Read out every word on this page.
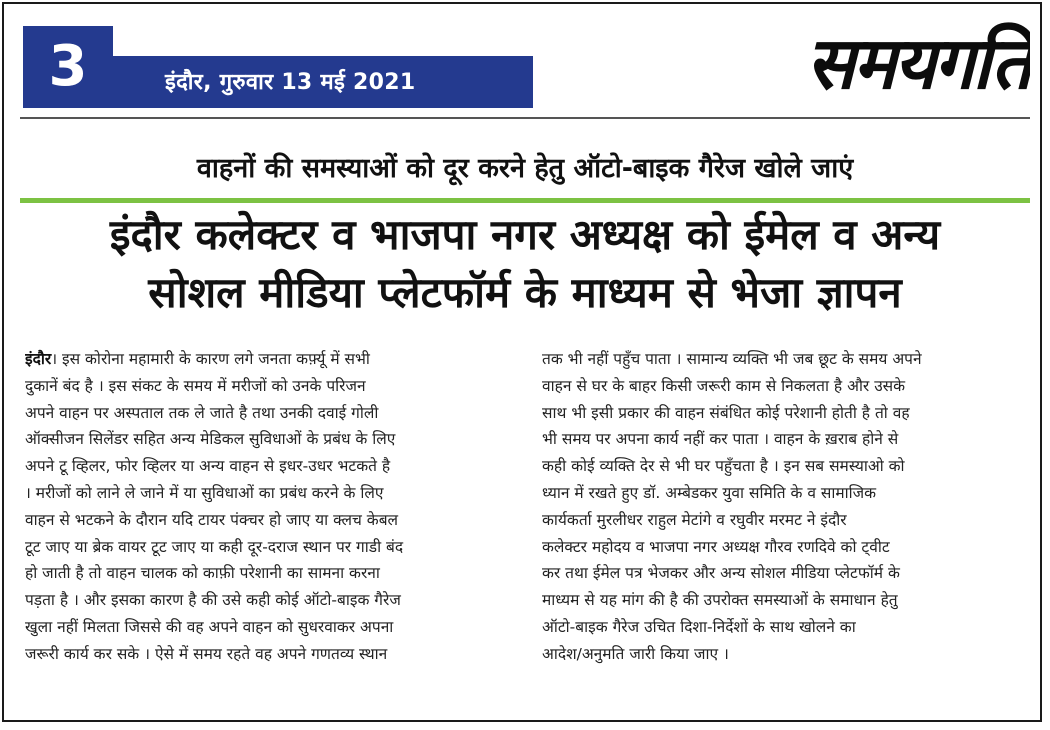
3	इंदौर, गुरुवार 13 मई 2021	समयगति
वाहनों की समस्याओं को दूर करने हेतु ऑटो-बाइक गैरेज खोले जाएं
इंदौर कलेक्टर व भाजपा नगर अध्यक्ष को ईमेल व अन्य
सोशल मीडिया प्लेटफॉर्म के माध्यम से भेजा ज्ञापन
इंदौर। इस कोरोना महामारी के कारण लगे जनता कर्फ़्यू में सभी
दुकानें बंद है । इस संकट के समय में मरीजों को उनके परिजन
अपने वाहन पर अस्पताल तक ले जाते है तथा उनकी दवाई गोली
ऑक्सीजन सिलेंडर सहित अन्य मेडिकल सुविधाओं के प्रबंध के लिए
अपने टू व्हिलर, फोर व्हिलर या अन्य वाहन से इधर-उधर भटकते है
। मरीजों को लाने ले जाने में या सुविधाओं का प्रबंध करने के लिए
वाहन से भटकने के दौरान यदि टायर पंक्चर हो जाए या क्लच केबल
टूट जाए या ब्रेक वायर टूट जाए या कही दूर-दराज स्थान पर गाडी बंद
हो जाती है तो वाहन चालक को काफ़ी परेशानी का सामना करना
पड़ता है । और इसका कारण है की उसे कही कोई ऑटो-बाइक गैरेज
खुला नहीं मिलता जिससे की वह अपने वाहन को सुधरवाकर अपना
जरूरी कार्य कर सके । ऐसे में समय रहते वह अपने गणतव्य स्थान
तक भी नहीं पहुँच पाता । सामान्य व्यक्ति भी जब छूट के समय अपने
वाहन से घर के बाहर किसी जरूरी काम से निकलता है और उसके
साथ भी इसी प्रकार की वाहन संबंधित कोई परेशानी होती है तो वह
भी समय पर अपना कार्य नहीं कर पाता । वाहन के ख़राब होने से
कही कोई व्यक्ति देर से भी घर पहुँचता है । इन सब समस्याओ को
ध्यान में रखते हुए डॉ. अम्बेडकर युवा समिति के व सामाजिक
कार्यकर्ता मुरलीधर राहुल मेटांगे व रघुवीर मरमट ने इंदौर
कलेक्टर महोदय व भाजपा नगर अध्यक्ष गौरव रणदिवे को ट्वीट
कर तथा ईमेल पत्र भेजकर और अन्य सोशल मीडिया प्लेटफॉर्म के
माध्यम से यह मांग की है की उपरोक्त समस्याओं के समाधान हेतु
ऑटो-बाइक गैरेज उचित दिशा-निर्देशों के साथ खोलने का
आदेश/अनुमति जारी किया जाए ।
